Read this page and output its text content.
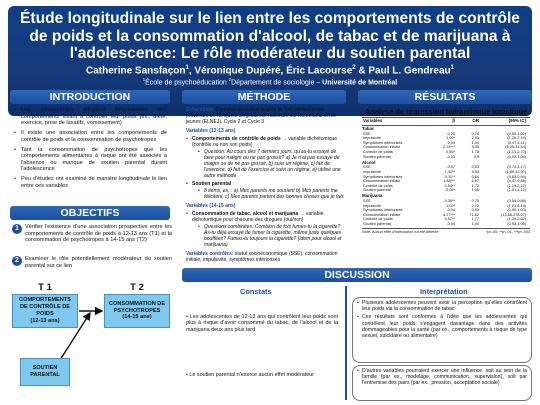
Étude longitudinale sur le lien entre les comportements de contrôle de poids et la consommation d'alcool, de tabac et de marijuana à l'adolescence: Le rôle modérateur du soutien parental
Catherine Sansfaçon$^1$, Véronique Dupéré, Éric Lacourse$^2$ & Paul L. Gendreau$^1$
$^1$École de psychoéducation $^2$Département de sociologie – Université de Montréal
INTRODUCTION
• Les adolescentes adoptent fréquemment des comportements visant à contrôler leur poids (ex., diète, exercice, prise de laxatifs, vomissement)
• Il existe une association entre les comportements de contrôle de poids et la consommation de psychotropes
• Tant la consommation de psychotropes que les comportements alimentaires à risque ont été associés à l'absence ou manque de soutien parental durant l'adolescence
• Peu d'études ont examiné de manière longitudinale le lien entre ces variables
OBJECTIFS
1	Vérifier l'existence d'une association prospective entre les comportements de contrôle de poids à 12-13 ans (T1) et la consommation de psychotropes à 14-15 ans (T2)
2	Examiner le rôle potentiellement modérateur du soutien parental sur ce lien
T 1	T 2
COMPORTEMENTS
DE CONTRÔLE DE
POIDS
(12-13 ans)
CONSOMMATION DE
PSYCHOTROPES
(14-15 ans)
SOUTIEN
PARENTAL
MÉTHODE
Échantillon: Données recueillies auprès de 646 adolescentes provenant de l'Enquête longitudinale nationale sur les enfants et les jeunes (ELNEJ), Cycle 2 et Cycle 3
Variables (12-13 ans)
• Comportements de contrôle de poids → variable dichotomique (contrôle ou non son poids)
• Question: Au cours des 7 derniers jours, qu'as-tu essayé de faire pour maigrir ou ne pas grossir? a) Je n'ai pas essayé de maigrir ou de ne pas grossir, b) suivi un régime, c) fait de l'exercice, d) fait de l'exercice et suivi un régime, e) utilisé une autre méthode
• Soutien parental
• 8 items, ex. : a) Mes parents me sourient b) Mes parents me félicitent, c) Mes parents partent des bonnes choses que je fais
Variables (14-15 ans)
• Consommation de tabac, alcool et marijuana → variable dichotomique pour chacune des drogues (oui/non)
• Questions combinées: Combien de fois fumes-tu la cigarette? As-tu déjà essayé de fumer la cigarette, même juste quelques bouffées? Fumes-tu toujours la cigarette? (idem pour alcool et marijuana)
Variables contrôles: statut socioéconomique (SSE), consommation initiale, impulsivité, symptômes intériorisés
RÉSULTATS
Analyse de régression hiérarchique logistique
Variables	β	OR	(95% IC)
Tabac
SSE	-0,25	0,78	(0,59-1,02)
Impulsivité	1,00*	2,93	(1,20-7,19)
Symptômes intériorisés	0,03	1,04	(0,97-1,11)
Consommation initiale	2,24***	9,35	(6,05-14,54)
Contrôle de poids	0,56*	1,75	(1,13-2,70)
Soutien parental	-0,03	0,9	(0,92-1,04)
Alcool
SSE	-0,07	0,93	(0,74-1,17)
Impulsivité	1,40**	4,94	(1,89-12,90)
Symptômes intériorisés	-0,11**	0,84	(0,83-0,94)
Consommation initiale	1,88***	6,57	(4,47-9,86)
Contrôle de poids	0,54**	1,72	(1,19-2,47)
Soutien parental	-0,06*	1,06	(1,01-1,12)
Marijuana
SSE	-0,36**	0,70	(0,54-0,89)
Impulsivité	1,00*	2,72	(1,21-6,14)
Symptômes intériorisés	-0,04	0,99	(0,90-1,03)
Consommation initiale	4,27***	71,82	(13,68-378,07)
Contrôle de poids	0,57**	1,77	(1,29-2,62)
Soutien parental	-0,04	1,04	(0,98-1,09)
Note. Aucun effet d'interaction n'a été détecté	*p<.05, **p<.01, ***p<.001
DISCUSSION
Constats	Interprétation
• Les adolescentes de 12-13 ans qui contrôlent leur poids sont plus à risque d'avoir consommé du tabac, de l'alcool et de la marijuana deux ans plus tard
• Le soutien parental n'exerce aucun effet modérateur
• Plusieurs adolescentes peuvent avoir la perception qu'elles contrôlent leur poids via la consommation de tabac
• Ces résultats sont conformes à l'idée que les adolescentes qui contrôlent leur poids s'engagent davantage dans des activités dommageables pour la santé (par ex., comportements à risque de type sexuel, suicidaire ou alimentaire)
• D'autres variables pourraient exercer une influence, soit au sein de la famille (par ex., modelage, communication, supervision), soit par l'entremise des pairs (par ex., pression, acceptation sociale)
